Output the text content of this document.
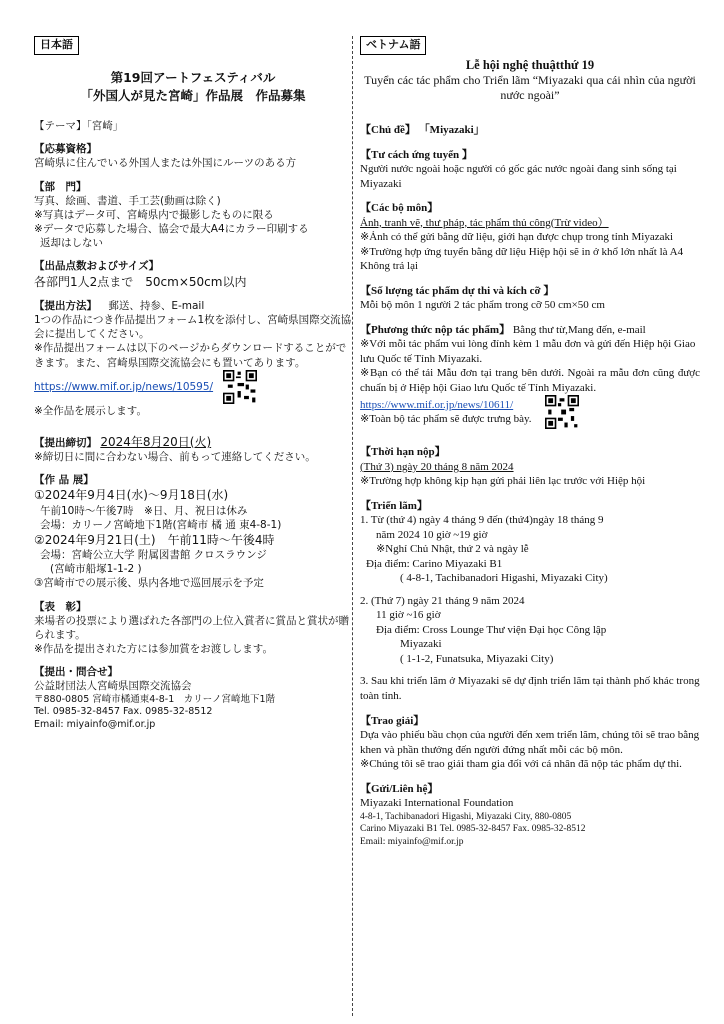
日本語

第19回アートフェスティバル

「外国人が見た宮崎」作品展　作品募集

【テーマ】「宮崎」

【応募資格】

宮崎県に住んでいる外国人または外国にルーツのある方

【部　門】

写真、絵画、書道、手工芸(動画は除く)

※写真はデータ可、宮崎県内で撮影したものに限る

※データで応募した場合、協会で最大A4にカラー印刷する

返却はしない

【出品点数およびサイズ】

各部門1人2点まで　50cm×50cm以内

【提出方法】 郵送、持参、E-mail

1つの作品につき作品提出フォーム1枚を添付し、宮崎県国際交流協会に提出してください。

※作品提出フォームは以下のページからダウンロードすることができます。また、宮崎県国際交流協会にも置いてあります。

https://www.mif.or.jp/news/10595/

※全作品を展示します。

【提出締切】 2024年8月20日(火)

※締切日に間に合わない場合、前もって連絡してください。

【作 品 展】

①2024年9月4日(水)〜9月18日(水)

午前10時〜午後7時　※日、月、祝日は休み

会場：カリーノ宮崎地下1階(宮崎市 橘 通 東4-8-1)

②2024年9月21日(土)　午前11時〜午後4時

会場：宮崎公立大学 附属図書館 クロスラウンジ

(宮崎市船塚1-1-2 )

③宮崎市での展示後、県内各地で巡回展示を予定

【表　彰】

来場者の投票により選ばれた各部門の上位入賞者に賞品と賞状が贈られます。

※作品を提出された方には参加賞をお渡しします。

【提出・問合せ】

公益財団法人宮崎県国際交流協会

〒880-0805 宮崎市橘通東4-8-1　カリーノ宮崎地下1階

Tel. 0985-32-8457 Fax. 0985-32-8512

Email: miyainfo@mif.or.jp

ベトナム語
Lễ hội nghệ thuậtthứ 19
Tuyển các tác phẩm cho Triển lãm “Miyazaki qua cái nhìn của người nước ngoài”

【Chủ đề】 「Miyazaki」

【Tư cách ứng tuyển 】

Người nước ngoài hoặc người có gốc gác nước ngoài đang sinh sống tại Miyazaki

【Các bộ môn】

Ảnh, tranh vẽ, thư pháp, tác phẩm thủ công(Trừ video）

※Ảnh có thể gửi bằng dữ liệu, giới hạn được chụp trong tỉnh Miyazaki

※Trường hợp ứng tuyển bằng dữ liệu Hiệp hội sẽ in ở khổ lớn nhất là A4

Không trả lại

【Số lượng tác phẩm dự thi và kích cỡ 】

Mỗi bộ môn 1 người 2 tác phẩm trong cỡ 50 cm×50 cm

【Phương thức nộp tác phẩm】 Bằng thư từ,Mang đến, e-mail

※Với mỗi tác phẩm vui lòng đính kèm 1 mẫu đơn và gửi đến Hiệp hội Giao lưu Quốc tế Tỉnh Miyazaki.

※Bạn có thể tải Mẫu đơn tại trang bên dưới. Ngoài ra mẫu đơn cũng được chuẩn bị ở Hiệp hội Giao lưu Quốc tế Tỉnh Miyazaki.

https://www.mif.or.jp/news/10611/

※Toàn bộ tác phẩm sẽ được trưng bày.

【Thời hạn nộp】

(Thứ 3) ngày 20 tháng 8 năm 2024

※Trường hợp không kịp hạn gửi phải liên lạc trước với Hiệp hội

【Triển lãm】

1. Từ (thứ 4) ngày 4 tháng 9 đến (thứ4)ngày 18 tháng 9

năm 2024 10 giờ ~19 giờ

※Nghỉ Chủ Nhật, thứ 2 và ngày lễ

Địa điểm: Carino Miyazaki B1

( 4-8-1, Tachibanadori Higashi, Miyazaki City)

2. (Thứ 7) ngày 21 tháng 9 năm 2024

11 giờ ~16 giờ

Địa điểm: Cross Lounge Thư viện Đại học Công lập

Miyazaki

( 1-1-2, Funatsuka, Miyazaki City)

3. Sau khi triển lãm ở Miyazaki sẽ dự định triển lãm tại thành phố khác trong toàn tỉnh.

【Trao giải】

Dựa vào phiếu bầu chọn của người đến xem triển lãm, chúng tôi sẽ trao bằng khen và phần thưởng đến người đứng nhất mỗi các bộ môn.

※Chúng tôi sẽ trao giải tham gia đối với cá nhân đã nộp tác phẩm dự thi.

【Gửi/Liên hệ】

Miyazaki International Foundation

4-8-1, Tachibanadori Higashi, Miyazaki City, 880-0805

Carino Miyazaki B1 Tel. 0985-32-8457 Fax. 0985-32-8512

Email: miyainfo@mif.or.jp
